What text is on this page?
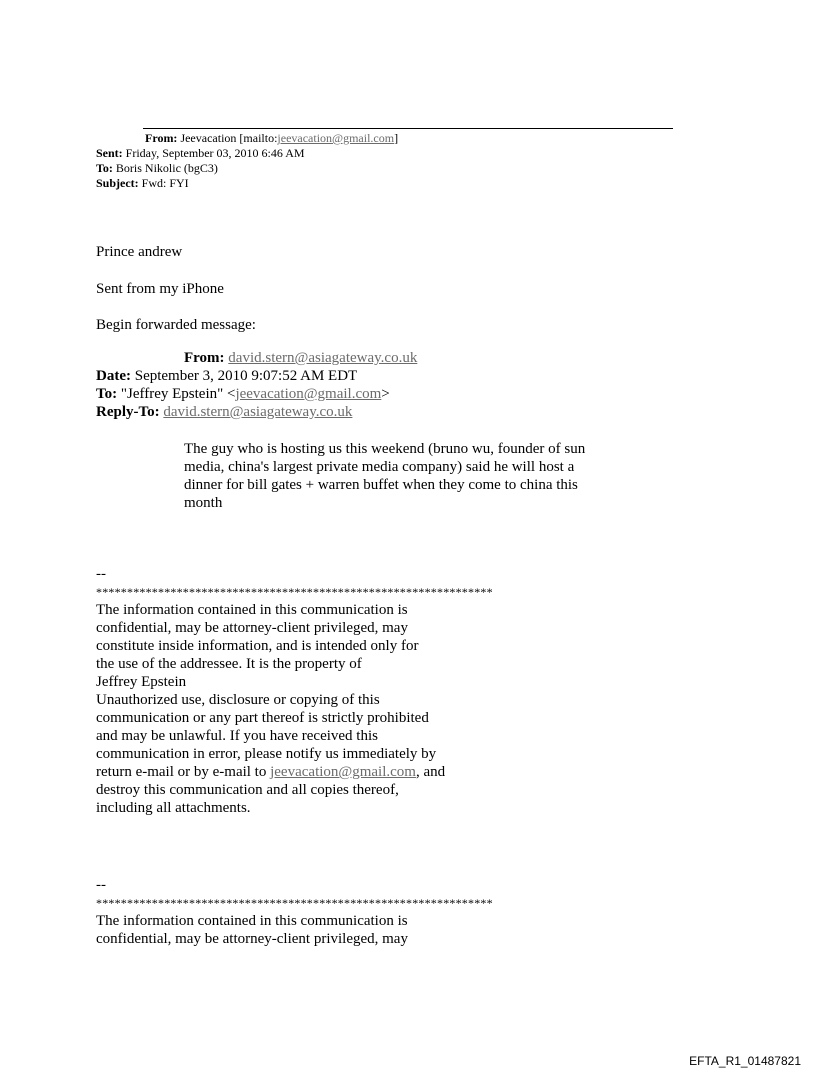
From: Jeevacation [mailto:jeevacation@gmail.com]
Sent: Friday, September 03, 2010 6:46 AM
To: Boris Nikolic (bgC3)
Subject: Fwd: FYI
Prince andrew
Sent from my iPhone
Begin forwarded message:
From: david.stern@asiagateway.co.uk
Date: September 3, 2010 9:07:52 AM EDT
To: "Jeffrey Epstein" <jeevacation@gmail.com>
Reply-To: david.stern@asiagateway.co.uk
The guy who is hosting us this weekend (bruno wu, founder of sun
media, china's largest private media company) said he will host a
dinner for bill gates + warren buffet when they come to china this
month
--
****************************************************************
The information contained in this communication is
confidential, may be attorney-client privileged, may
constitute inside information, and is intended only for
the use of the addressee. It is the property of
Jeffrey Epstein
Unauthorized use, disclosure or copying of this
communication or any part thereof is strictly prohibited
and may be unlawful. If you have received this
communication in error, please notify us immediately by
return e-mail or by e-mail to jeevacation@gmail.com, and
destroy this communication and all copies thereof,
including all attachments.
--
****************************************************************
The information contained in this communication is
confidential, may be attorney-client privileged, may
EFTA_R1_01487821
